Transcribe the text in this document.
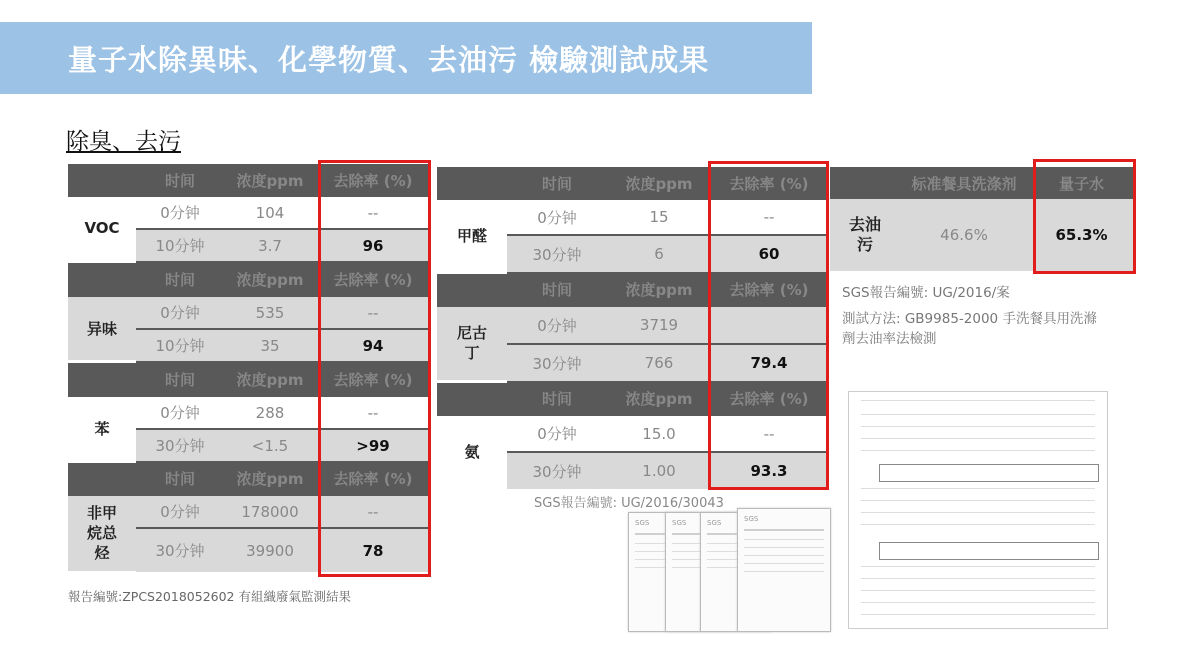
量子水除異味、化學物質、去油污 檢驗測試成果
除臭、去污
	时间	浓度ppm	去除率 (%)
VOC	0分钟	104	--
	10分钟	3.7	96
	时间	浓度ppm	去除率 (%)
异味	0分钟	535	--
	10分钟	35	94
	时间	浓度ppm	去除率 (%)
苯	0分钟	288	--
	30分钟	<1.5	>99
	时间	浓度ppm	去除率 (%)
非甲
烷总
烃	0分钟	178000	--
	30分钟	39900	78
報告編號:ZPCS2018052602 有組織廢氣監測結果
	时间	浓度ppm	去除率 (%)
甲醛	0分钟	15	--
	30分钟	6	60
	时间	浓度ppm	去除率 (%)
尼古
丁	0分钟	3719	
	30分钟	766	79.4
	时间	浓度ppm	去除率 (%)
氨	0分钟	15.0	--
	30分钟	1.00	93.3
SGS報告編號: UG/2016/30043
	标准餐具洗涤剂	量子水
去油
污	46.6%	65.3%
SGS報告編號: UG/2016/案
測試方法: GB9985-2000 手洗餐具用洗滌劑去油率法檢測
SGS	SGS	SGS	SGS
